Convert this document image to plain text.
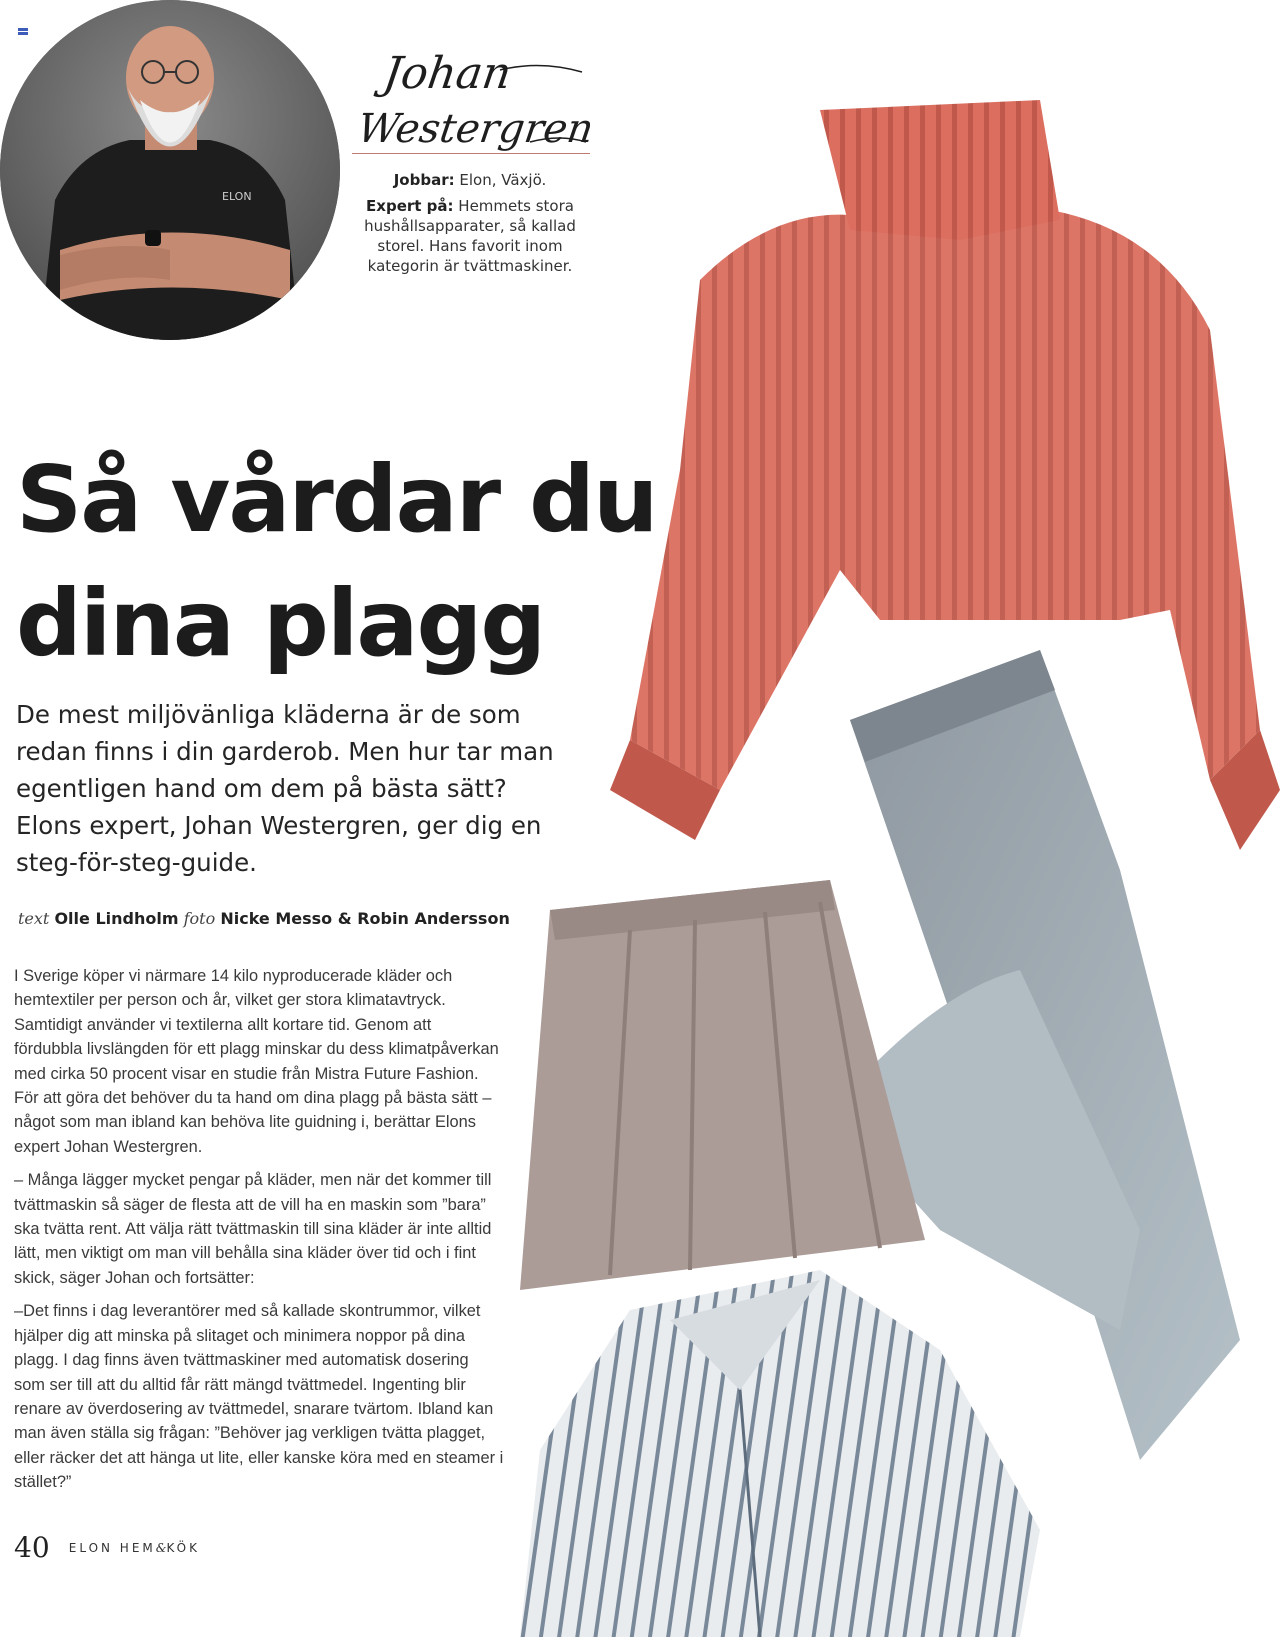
ELON
Johan
Westergren

Jobbar: Elon, Växjö.

Expert på: Hemmets stora hushållsapparater, så kallad storel. Hans favorit inom kategorin är tvättmaskiner.

Så vårdar du
dina plagg

De mest miljövänliga kläderna är de som redan finns i din garderob. Men hur tar man egentligen hand om dem på bästa sätt? Elons expert, Johan Westergren, ger dig en steg-för-steg-guide.

text Olle Lindholm foto Nicke Messo & Robin Andersson

I Sverige köper vi närmare 14 kilo nyproducerade kläder och hemtextiler per person och år, vilket ger stora klimatavtryck. Samtidigt använder vi textilerna allt kortare tid. Genom att fördubbla livslängden för ett plagg minskar du dess klimatpåverkan med cirka 50 procent visar en studie från Mistra Future Fashion. För att göra det behöver du ta hand om dina plagg på bästa sätt – något som man ibland kan behöva lite guidning i, berättar Elons expert Johan Westergren.

– Många lägger mycket pengar på kläder, men när det kommer till tvättmaskin så säger de flesta att de vill ha en maskin som ”bara” ska tvätta rent. Att välja rätt tvättmaskin till sina kläder är inte alltid lätt, men viktigt om man vill behålla sina kläder över tid och i fint skick, säger Johan och fortsätter:

–Det finns i dag leverantörer med så kallade skontrummor, vilket hjälper dig att minska på slitaget och minimera noppor på dina plagg. I dag finns även tvättmaskiner med automatisk dosering som ser till att du alltid får rätt mängd tvättmedel. Ingenting blir renare av överdosering av tvättmedel, snarare tvärtom. Ibland kan man även ställa sig frågan: ”Behöver jag verkligen tvätta plagget, eller räcker det att hänga ut lite, eller kanske köra med en steamer i stället?”

40 ELON HEM&KÖK
